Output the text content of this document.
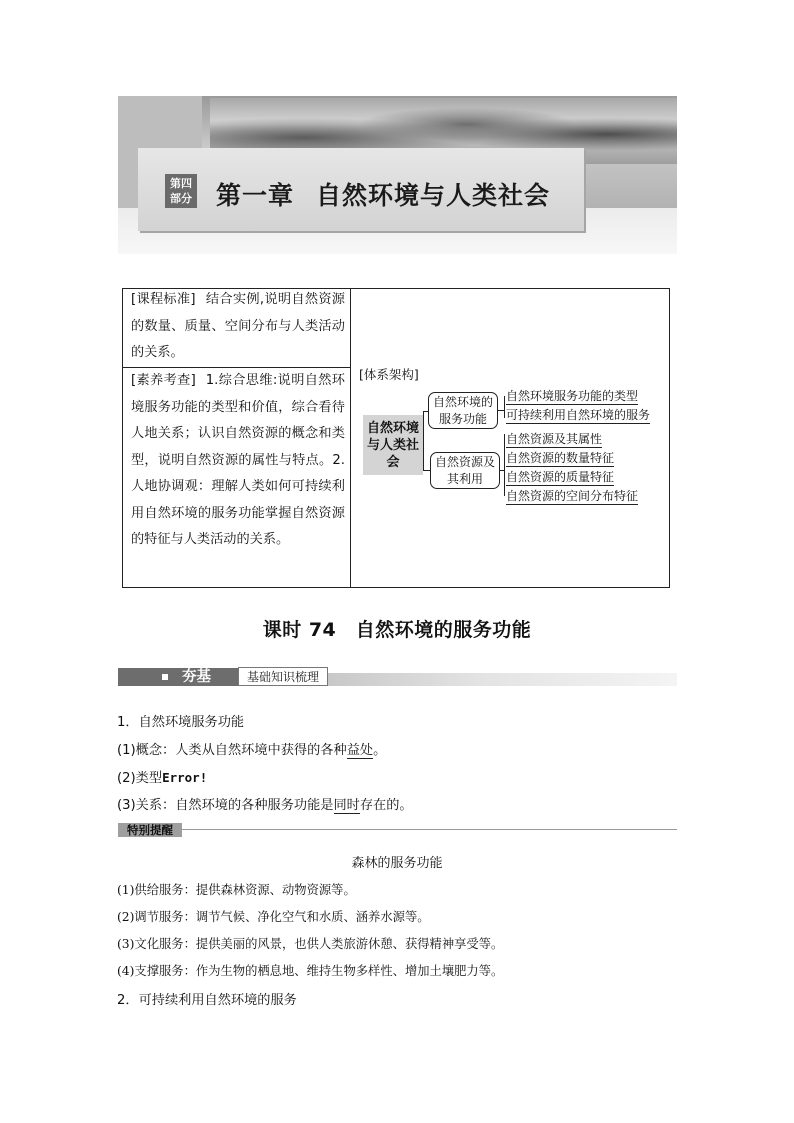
第四
部分 第一章 自然环境与人类社会
[课程标准] 结合实例,说明自然资源的数量、质量、空间分布与人类活动的关系。
[素养考查] 1.综合思维:说明自然环境服务功能的类型和价值，综合看待人地关系；认识自然资源的概念和类型，说明自然资源的属性与特点。2.人地协调观：理解人类如何可持续利用自然环境的服务功能掌握自然资源的特征与人类活动的关系。
[体系架构]
自然环境与人类社会
自然环境的服务功能
自然资源及其利用
自然环境服务功能的类型
可持续利用自然环境的服务
自然资源及其属性
自然资源的数量特征
自然资源的质量特征
自然资源的空间分布特征
课时 74　自然环境的服务功能
夯基	基础知识梳理
1．自然环境服务功能
(1)概念：人类从自然环境中获得的各种益处。
(2)类型Error!
(3)关系：自然环境的各种服务功能是同时存在的。
特别提醒
森林的服务功能
(1)供给服务：提供森林资源、动物资源等。
(2)调节服务：调节气候、净化空气和水质、涵养水源等。
(3)文化服务：提供美丽的风景，也供人类旅游休憩、获得精神享受等。
(4)支撑服务：作为生物的栖息地、维持生物多样性、增加土壤肥力等。
2．可持续利用自然环境的服务
